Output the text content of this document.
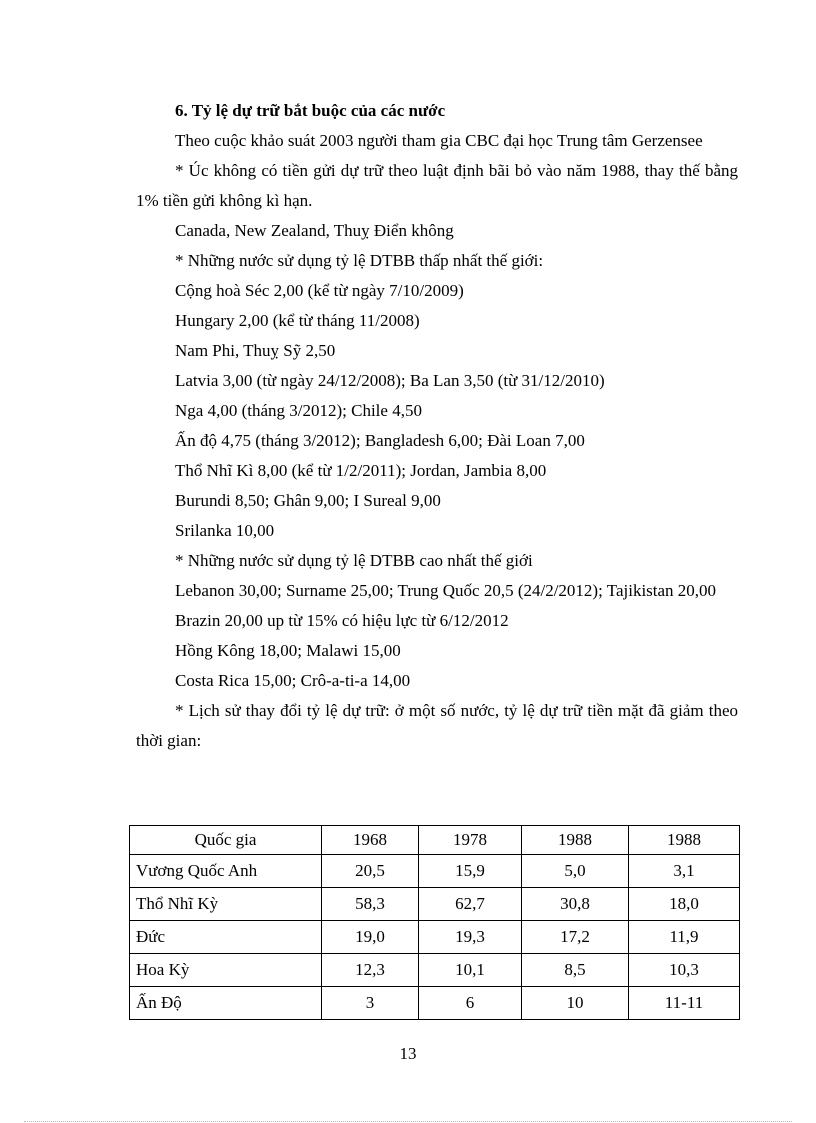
6. Tỷ lệ dự trữ bắt buộc của các nước

Theo cuộc khảo suát 2003 người tham gia CBC đại học Trung tâm Gerzensee

* Úc không có tiền gửi dự trữ theo luật định bãi bỏ vào năm 1988, thay thế bằng 1% tiền gửi không kì hạn.

Canada, New Zealand, Thuỵ Điển không

* Những nước sử dụng tỷ lệ DTBB thấp nhất thế giới:

Cộng hoà Séc 2,00 (kể từ ngày 7/10/2009)

Hungary 2,00 (kể từ tháng 11/2008)

Nam Phi, Thuỵ Sỹ 2,50

Latvia 3,00 (từ ngày 24/12/2008); Ba Lan 3,50 (từ 31/12/2010)

Nga 4,00 (tháng 3/2012); Chile 4,50

Ấn độ 4,75 (tháng 3/2012); Bangladesh 6,00; Đài Loan 7,00

Thổ Nhĩ Kì 8,00 (kể từ 1/2/2011); Jordan, Jambia 8,00

Burundi 8,50; Ghân 9,00; I Sureal 9,00

Srilanka 10,00

* Những nước sử dụng tỷ lệ DTBB cao nhất thế giới

Lebanon 30,00; Surname 25,00; Trung Quốc 20,5 (24/2/2012); Tajikistan 20,00

Brazin 20,00 up từ 15% có hiệu lực từ 6/12/2012

Hồng Kông 18,00; Malawi 15,00

Costa Rica 15,00; Crô-a-ti-a 14,00

* Lịch sử thay đổi tỷ lệ dự trữ: ở một số nước, tỷ lệ dự trữ tiền mặt đã giảm theo thời gian:

Quốc gia	1968	1978	1988	1988
Vương Quốc Anh	20,5	15,9	5,0	3,1
Thổ Nhĩ Kỳ	58,3	62,7	30,8	18,0
Đức	19,0	19,3	17,2	11,9
Hoa Kỳ	12,3	10,1	8,5	10,3
Ấn Độ	3	6	10	11-11
13
